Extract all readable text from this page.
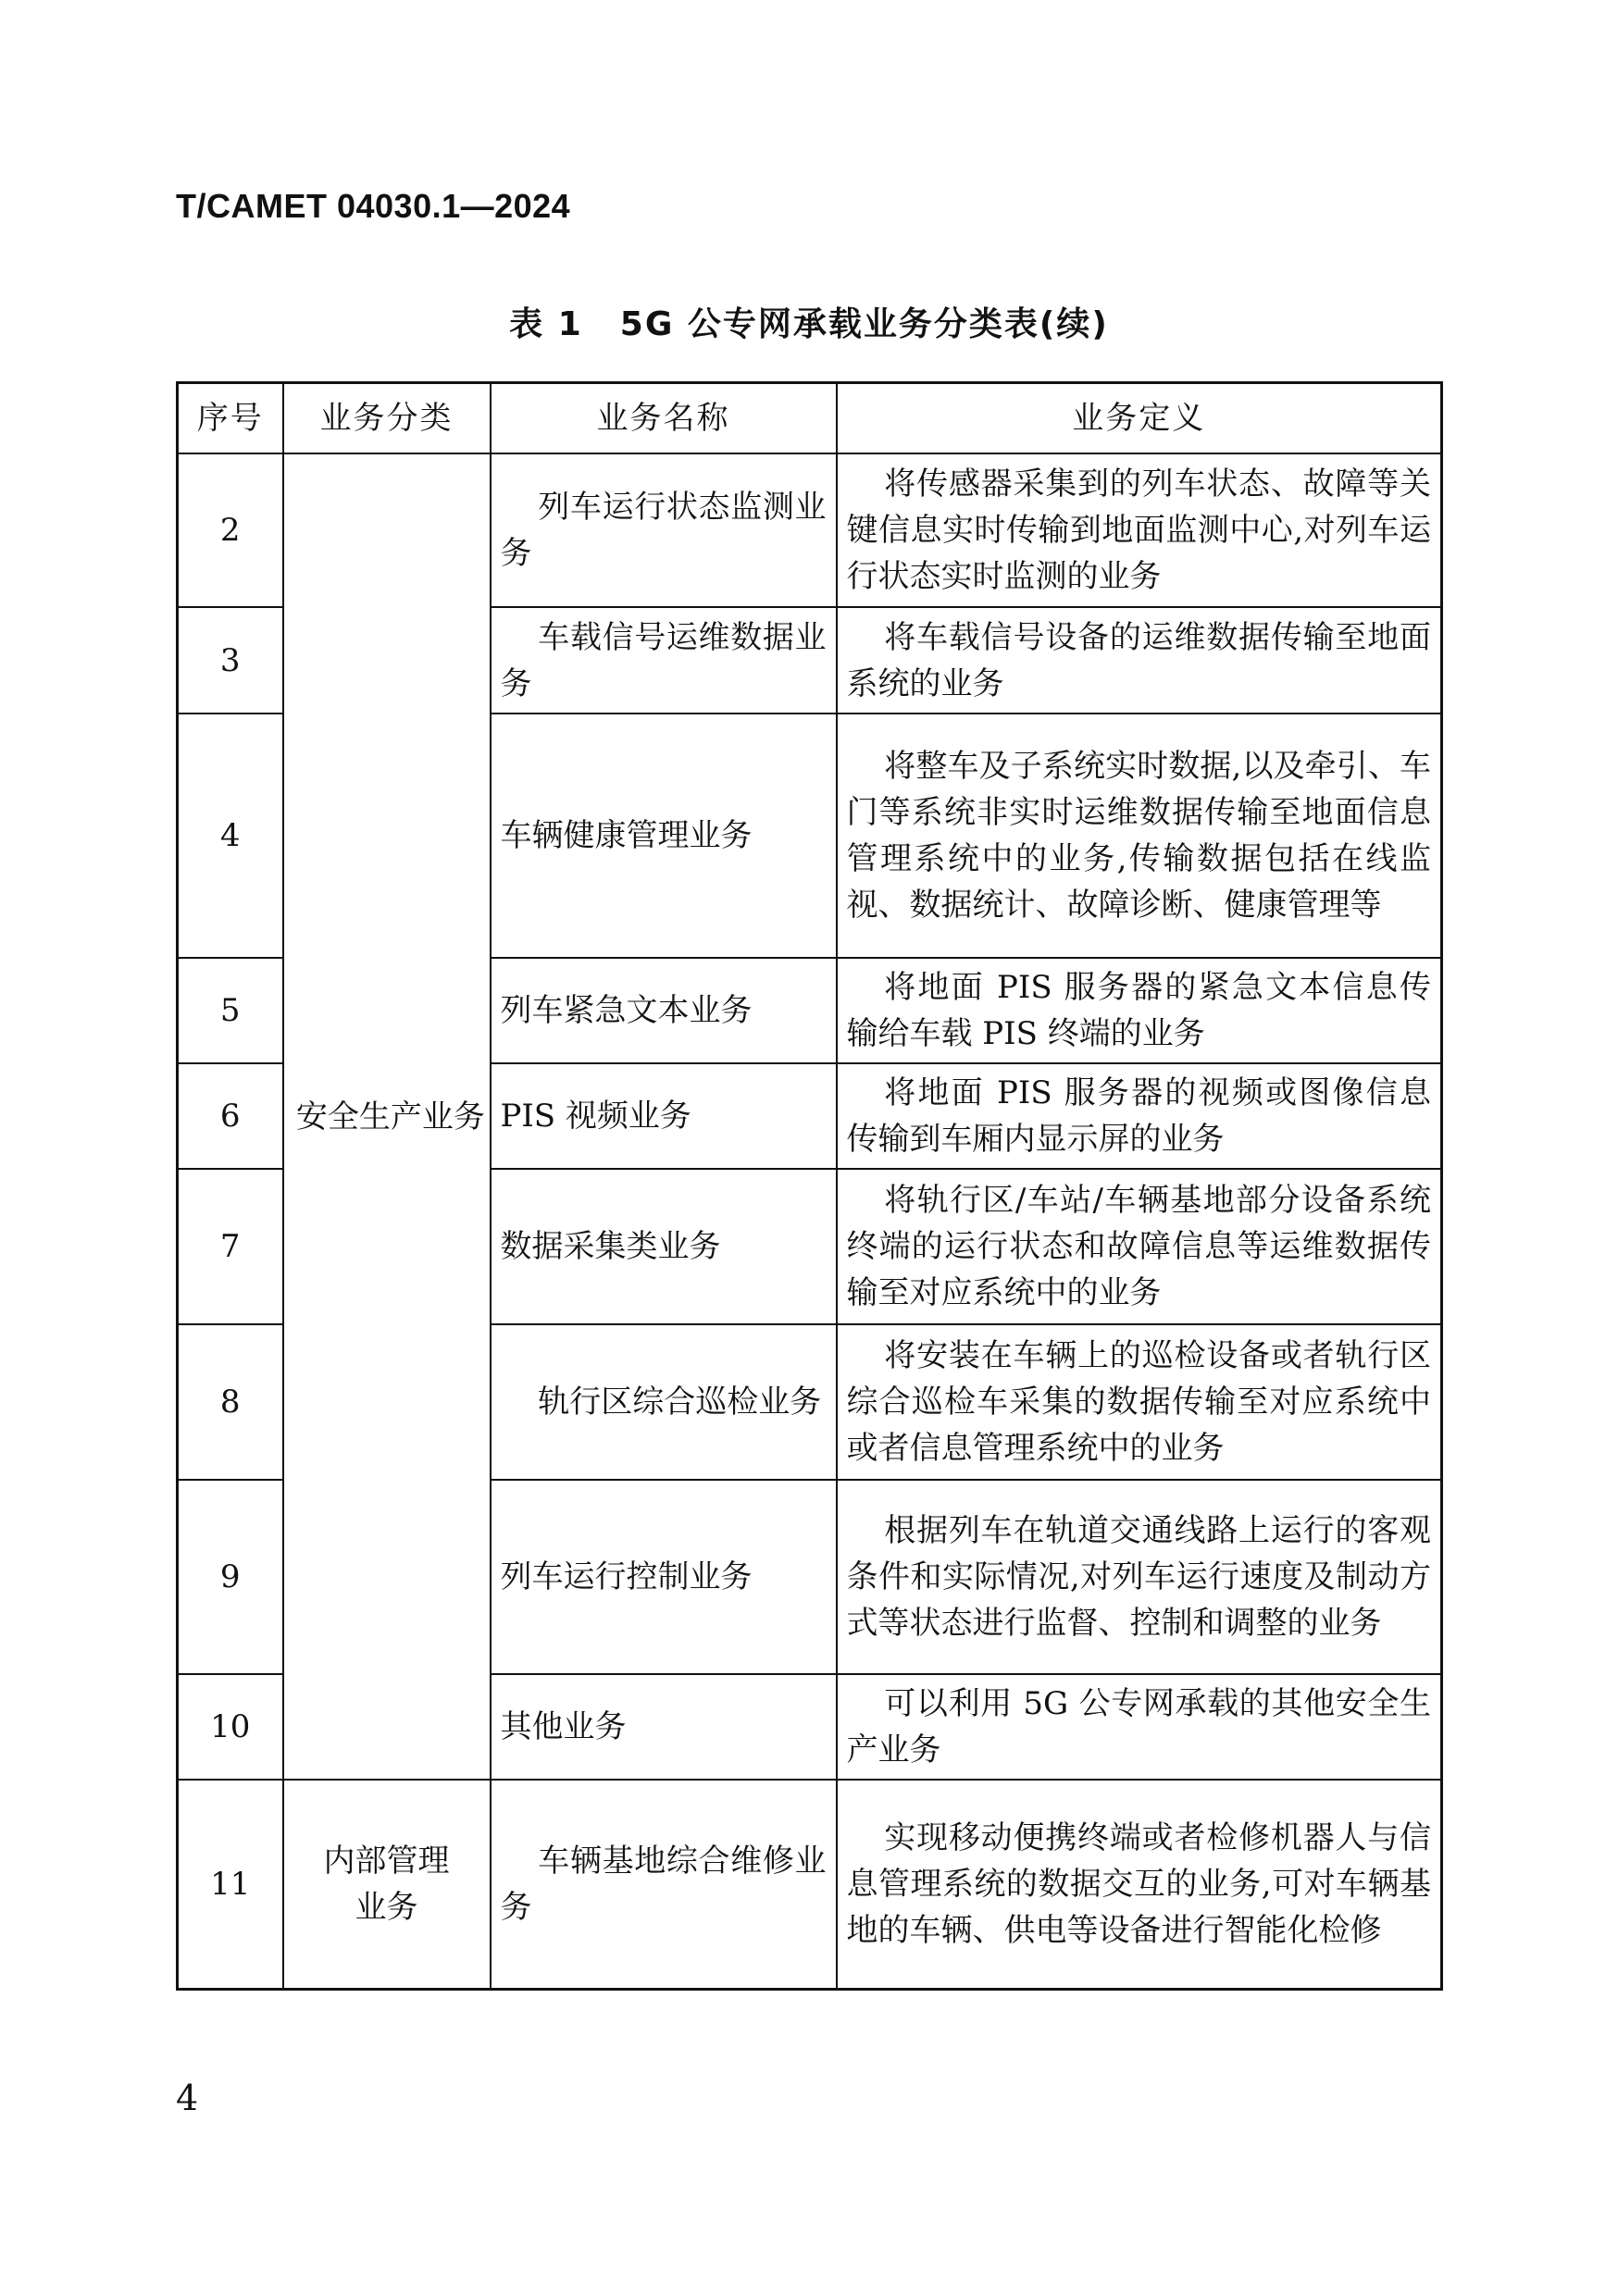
T/CAMET 04030.1—2024
表 1 5G 公专网承载业务分类表(续)
序号	业务分类	业务名称	业务定义
2	安全生产业务	列车运行状态监测业务	将传感器采集到的列车状态、故障等关键信息实时传输到地面监测中心,对列车运行状态实时监测的业务
3		车载信号运维数据业务	将车载信号设备的运维数据传输至地面系统的业务
4		车辆健康管理业务	将整车及子系统实时数据,以及牵引、车门等系统非实时运维数据传输至地面信息管理系统中的业务,传输数据包括在线监视、数据统计、故障诊断、健康管理等
5		列车紧急文本业务	将地面 PIS 服务器的紧急文本信息传输给车载 PIS 终端的业务
6		PIS 视频业务	将地面 PIS 服务器的视频或图像信息传输到车厢内显示屏的业务
7		数据采集类业务	将轨行区/车站/车辆基地部分设备系统终端的运行状态和故障信息等运维数据传输至对应系统中的业务
8		轨行区综合巡检业务	将安装在车辆上的巡检设备或者轨行区综合巡检车采集的数据传输至对应系统中或者信息管理系统中的业务
9		列车运行控制业务	根据列车在轨道交通线路上运行的客观条件和实际情况,对列车运行速度及制动方式等状态进行监督、控制和调整的业务
10		其他业务	可以利用 5G 公专网承载的其他安全生产业务
11	内部管理业务	车辆基地综合维修业务	实现移动便携终端或者检修机器人与信息管理系统的数据交互的业务,可对车辆基地的车辆、供电等设备进行智能化检修
4
